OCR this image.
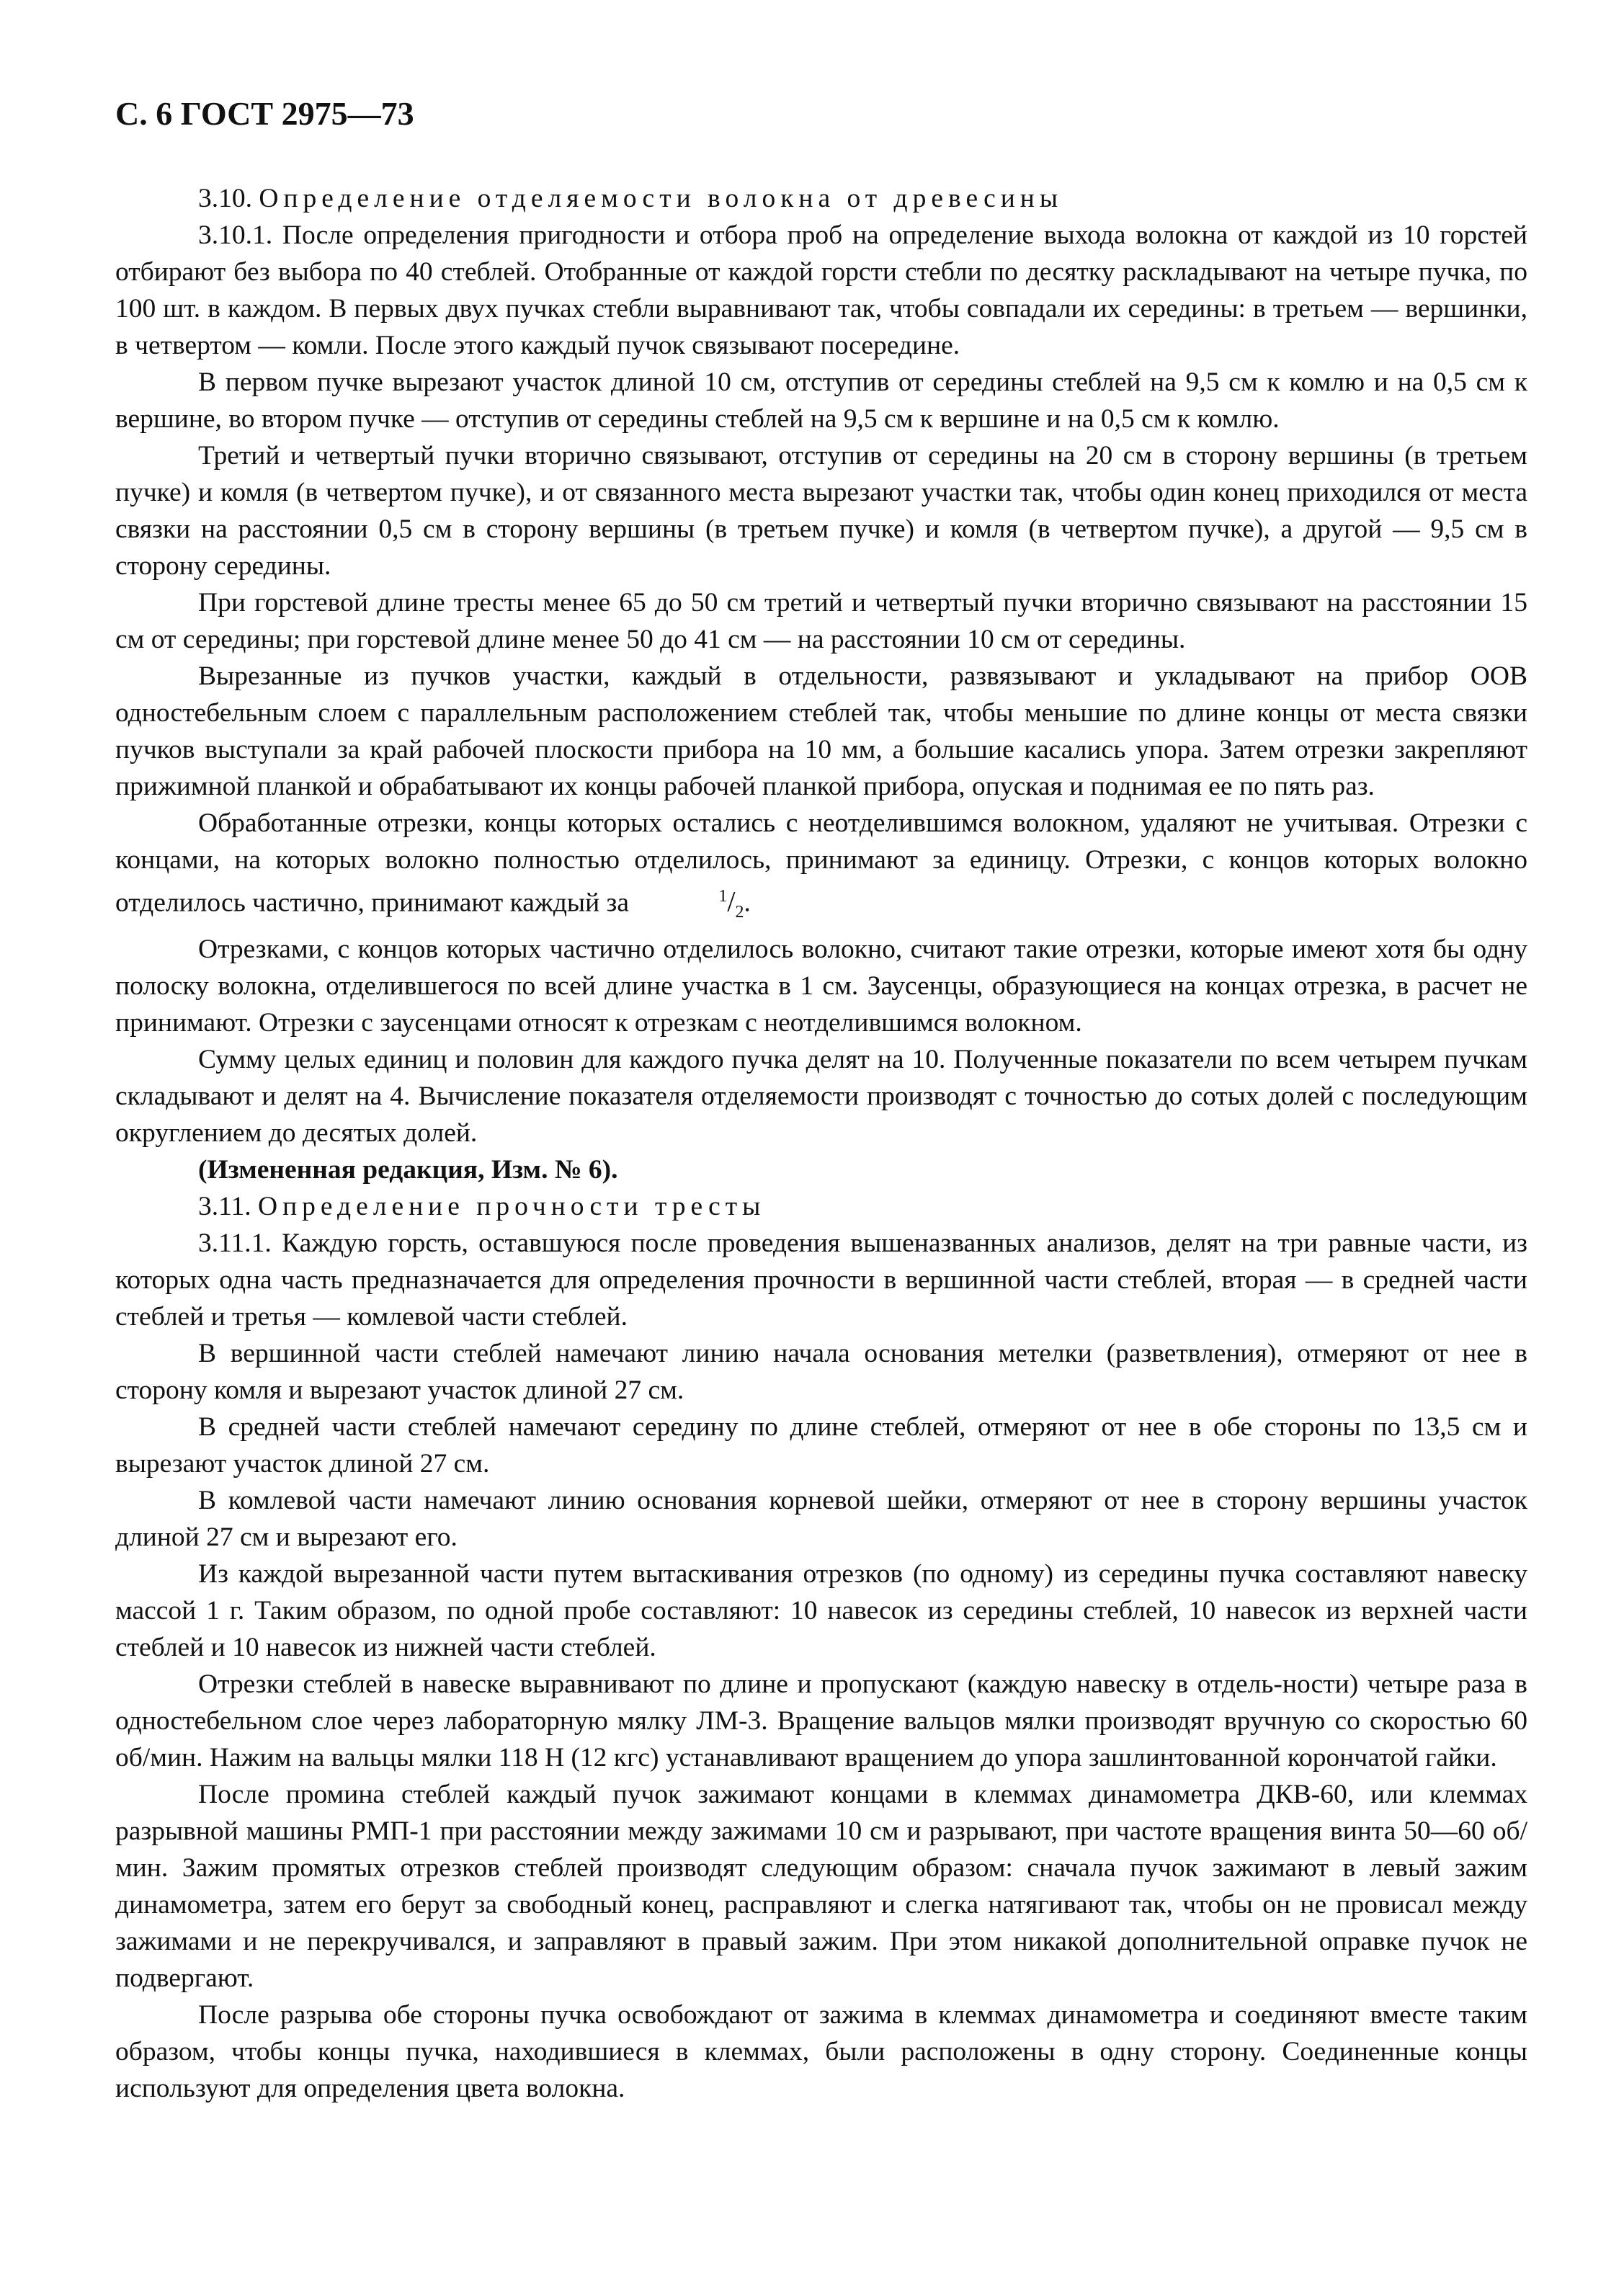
С. 6 ГОСТ 2975—73

3.10. Определение отделяемости волокна от древесины

3.10.1. После определения пригодности и отбора проб на определение выхода волокна от каждой из 10 горстей отбирают без выбора по 40 стеблей. Отобранные от каждой горсти стебли по десятку раскладывают на четыре пучка, по 100 шт. в каждом. В первых двух пучках стебли выравнивают так, чтобы совпадали их середины: в третьем — вершинки, в четвертом — комли. После этого каждый пучок связывают посередине.

В первом пучке вырезают участок длиной 10 см, отступив от середины стеблей на 9,5 см к комлю и на 0,5 см к вершине, во втором пучке — отступив от середины стеблей на 9,5 см к вершине и на 0,5 см к комлю.

Третий и четвертый пучки вторично связывают, отступив от середины на 20 см в сторону вершины (в третьем пучке) и комля (в четвертом пучке), и от связанного места вырезают участки так, чтобы один конец приходился от места связки на расстоянии 0,5 см в сторону вершины (в третьем пучке) и комля (в четвертом пучке), а другой — 9,5 см в сторону середины.

При горстевой длине тресты менее 65 до 50 см третий и четвертый пучки вторично связывают на расстоянии 15 см от середины; при горстевой длине менее 50 до 41 см — на расстоянии 10 см от середины.

Вырезанные из пучков участки, каждый в отдельности, развязывают и укладывают на прибор ООВ одностебельным слоем с параллельным расположением стеблей так, чтобы меньшие по длине концы от места связки пучков выступали за край рабочей плоскости прибора на 10 мм, а большие касались упора. Затем отрезки закрепляют прижимной планкой и обрабатывают их концы рабочей планкой прибора, опуская и поднимая ее по пять раз.

Обработанные отрезки, концы которых остались с неотделившимся волокном, удаляют не учитывая. Отрезки с концами, на которых волокно полностью отделилось, принимают за единицу. Отрезки, с концов которых волокно отделилось частично, принимают каждый за	$^1/_2$.

Отрезками, с концов которых частично отделилось волокно, считают такие отрезки, которые имеют хотя бы одну полоску волокна, отделившегося по всей длине участка в 1 см. Заусенцы, образующиеся на концах отрезка, в расчет не принимают. Отрезки с заусенцами относят к отрезкам с неотделившимся волокном.

Сумму целых единиц и половин для каждого пучка делят на 10. Полученные показатели по всем четырем пучкам складывают и делят на 4. Вычисление показателя отделяемости производят с точностью до сотых долей с последующим округлением до десятых долей.

(Измененная редакция, Изм. № 6).

3.11. Определение прочности тресты

3.11.1. Каждую горсть, оставшуюся после проведения вышеназванных анализов, делят на три равные части, из которых одна часть предназначается для определения прочности в вершинной части стеблей, вторая — в средней части стеблей и третья — комлевой части стеблей.

В вершинной части стеблей намечают линию начала основания метелки (разветвления), отмеряют от нее в сторону комля и вырезают участок длиной 27 см.

В средней части стеблей намечают середину по длине стеблей, отмеряют от нее в обе стороны по 13,5 см и вырезают участок длиной 27 см.

В комлевой части намечают линию основания корневой шейки, отмеряют от нее в сторону вершины участок длиной 27 см и вырезают его.

Из каждой вырезанной части путем вытаскивания отрезков (по одному) из середины пучка составляют навеску массой 1 г. Таким образом, по одной пробе составляют: 10 навесок из середины стеблей, 10 навесок из верхней части стеблей и 10 навесок из нижней части стеблей.

Отрезки стеблей в навеске выравнивают по длине и пропускают (каждую навеску в отдель-ности) четыре раза в одностебельном слое через лабораторную мялку ЛМ-3. Вращение вальцов мялки производят вручную со скоростью 60 об/мин. Нажим на вальцы мялки 118 Н (12 кгс) устанавливают вращением до упора зашлинтованной корончатой гайки.

После промина стеблей каждый пучок зажимают концами в клеммах динамометра ДКВ-60, или клеммах разрывной машины РМП-1 при расстоянии между зажимами 10 см и разрывают, при частоте вращения винта 50—60 об/мин. Зажим промятых отрезков стеблей производят следующим образом: сначала пучок зажимают в левый зажим динамометра, затем его берут за свободный конец, расправляют и слегка натягивают так, чтобы он не провисал между зажимами и не перекручивался, и заправляют в правый зажим. При этом никакой дополнительной оправке пучок не подвергают.

После разрыва обе стороны пучка освобождают от зажима в клеммах динамометра и соединяют вместе таким образом, чтобы концы пучка, находившиеся в клеммах, были расположены в одну сторону. Соединенные концы используют для определения цвета волокна.
